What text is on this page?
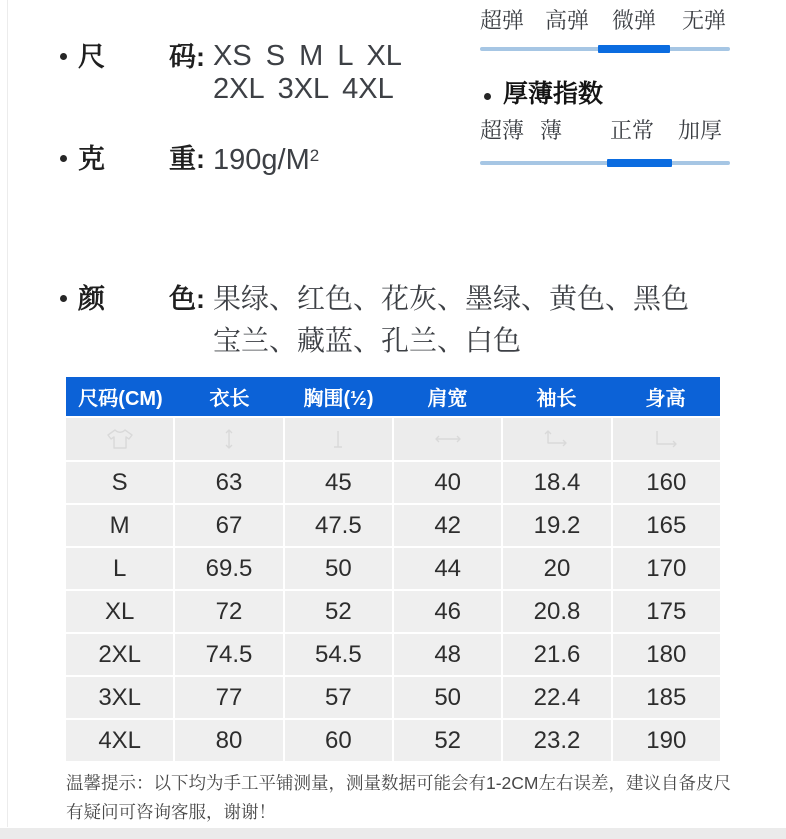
尺 码: XS S M L XL
2XL 3XL 4XL
克 重: $190g/M^2$
颜 色: 果绿、红色、花灰、墨绿、黄色、黑色
宝兰、藏蓝、孔兰、白色
超弹 高弹 微弹 无弹
厚薄指数
超薄 薄 正常 加厚
尺码(CM)	衣长	胸围(½)	肩宽	袖长	身高
S	63	45	40	18.4	160
M	67	47.5	42	19.2	165
L	69.5	50	44	20	170
XL	72	52	46	20.8	175
2XL	74.5	54.5	48	21.6	180
3XL	77	57	50	22.4	185
4XL	80	60	52	23.2	190
温馨提示：以下均为手工平铺测量，测量数据可能会有1-2CM左右误差，建议自备皮尺
有疑问可咨询客服，谢谢！
